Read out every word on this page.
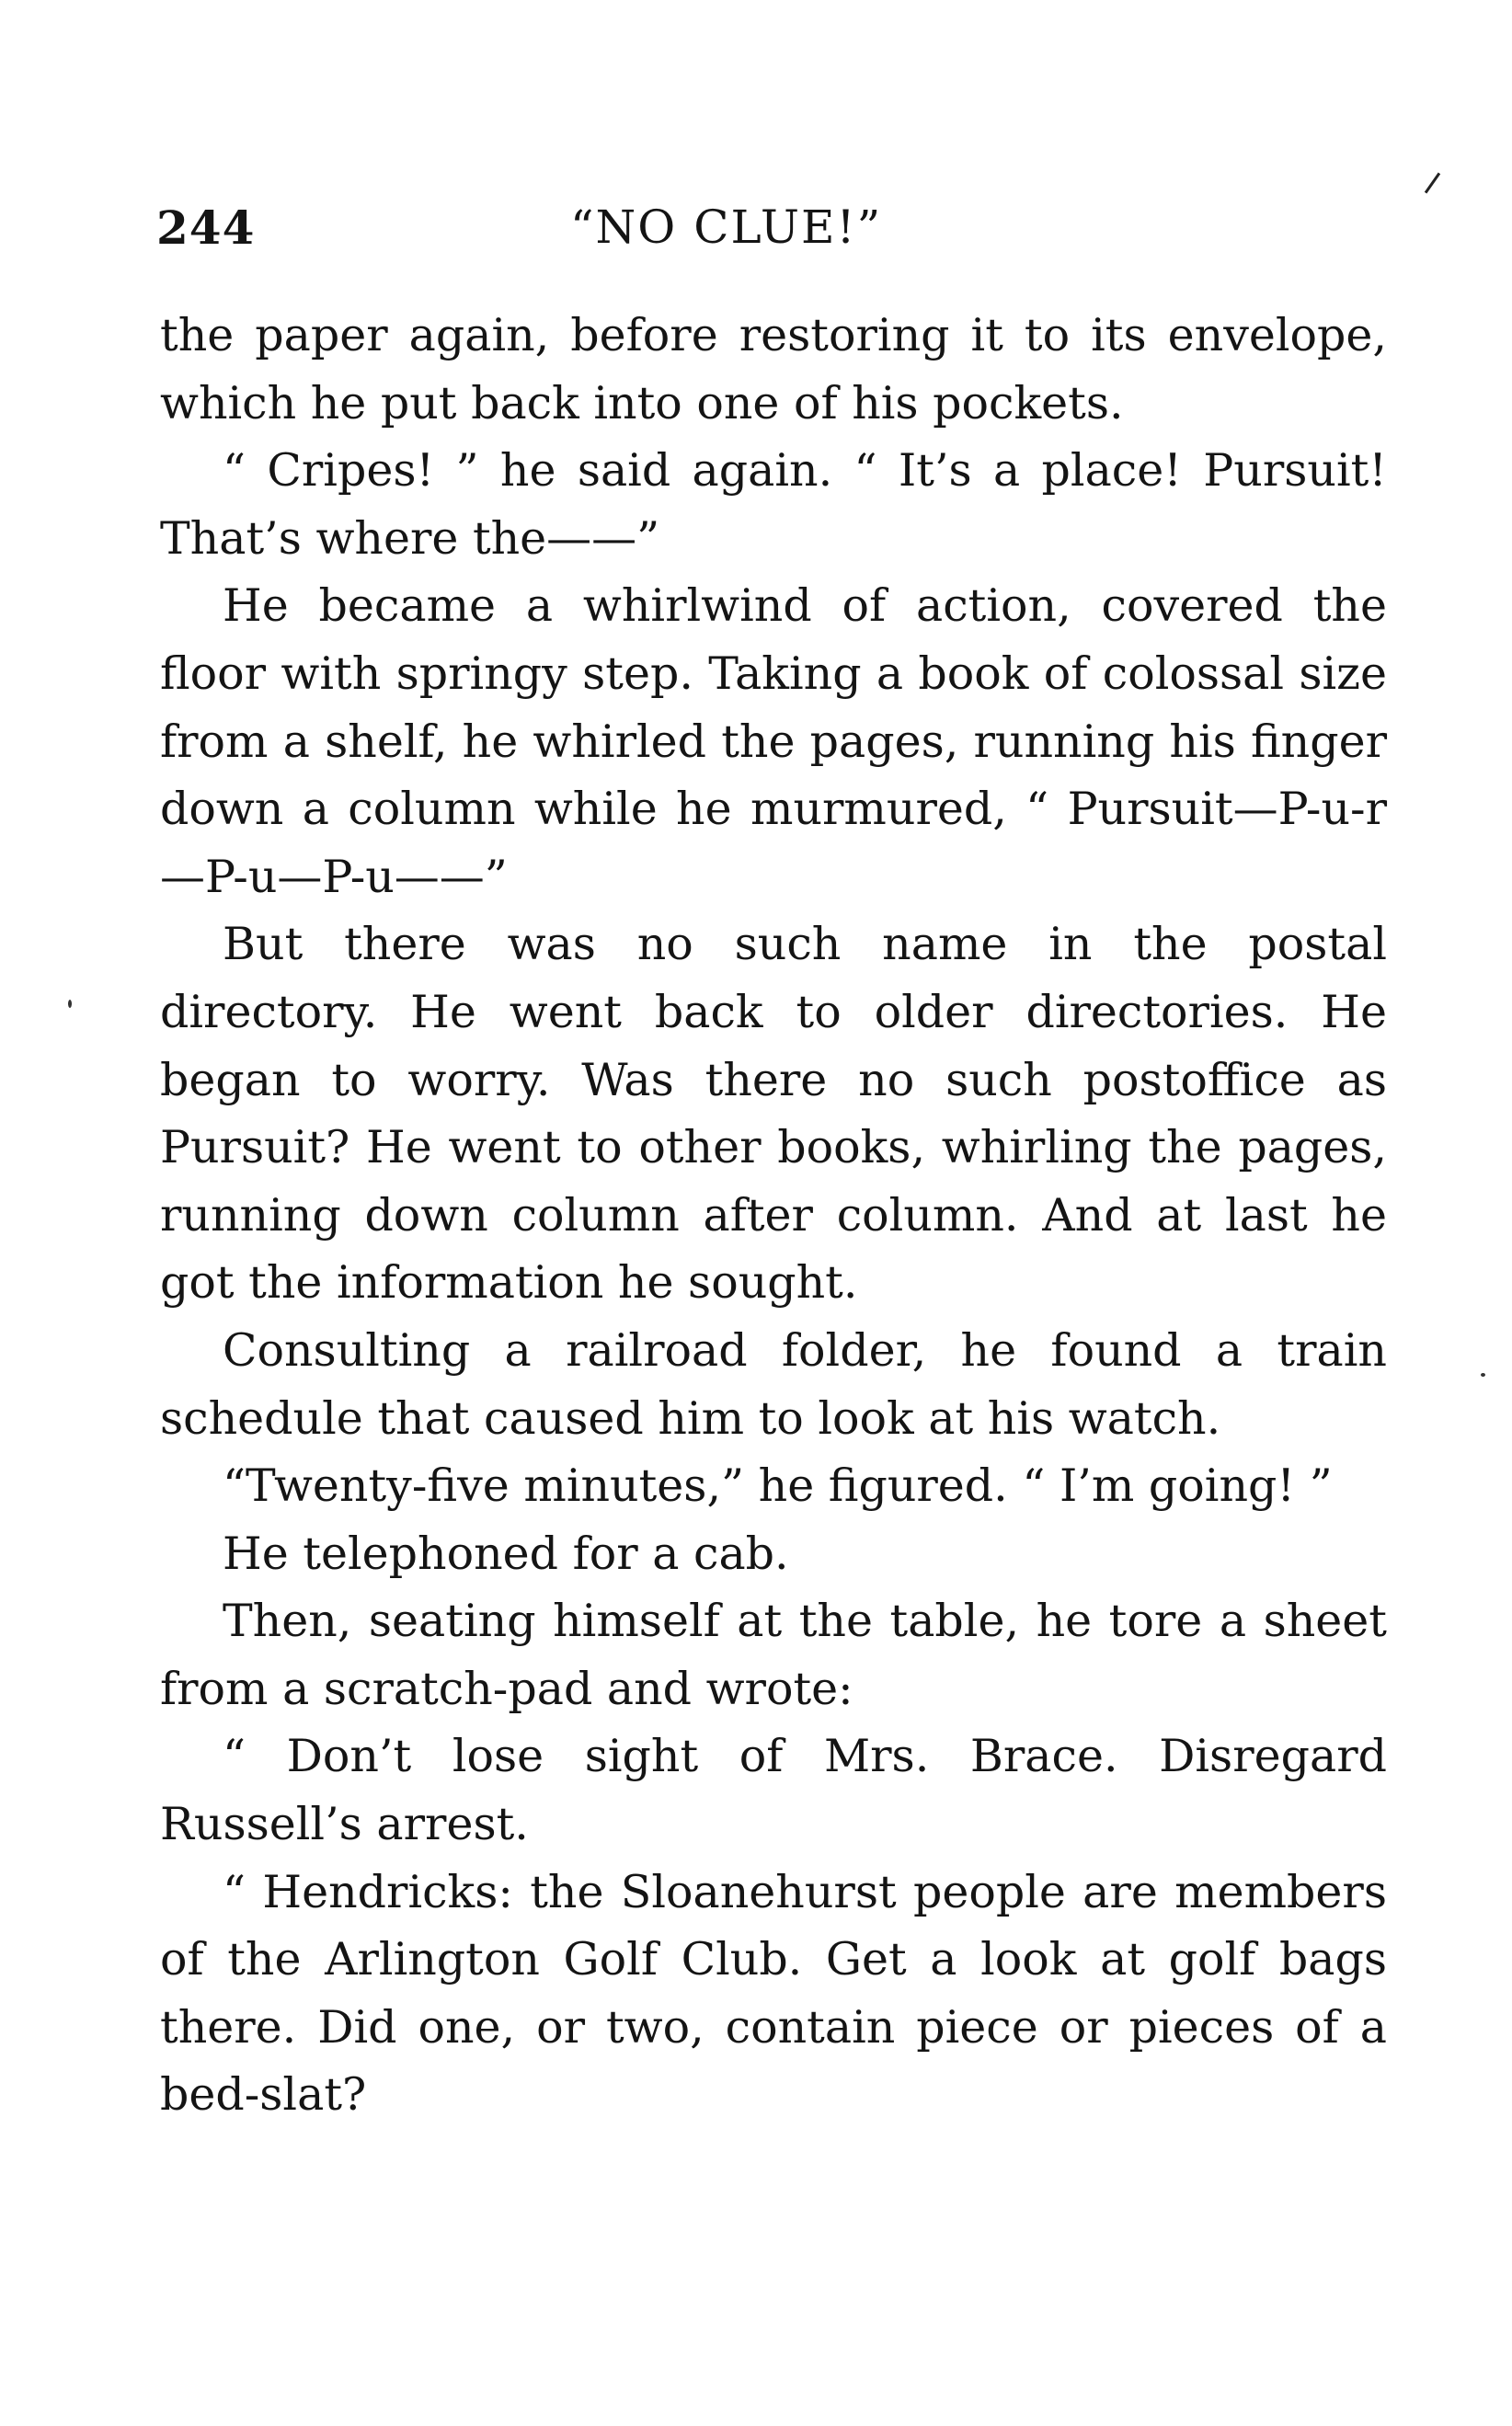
244	“NO CLUE!”

the paper again, before restoring it to its envelope, which he put back into one of his pockets.

“ Cripes! ” he said again. “ It’s a place! Pursuit! That’s where the——”

He became a whirlwind of action, covered the floor with springy step. Taking a book of colossal size from a shelf, he whirled the pages, running his finger down a column while he murmured, “ Pursuit—P-u-r—P-u—P-u——”

But there was no such name in the postal directory. He went back to older directories. He began to worry. Was there no such postoffice as Pursuit? He went to other books, whirling the pages, running down column after column. And at last he got the information he sought.

Consulting a railroad folder, he found a train schedule that caused him to look at his watch.

“Twenty-five minutes,” he figured. “ I’m going! ”

He telephoned for a cab.

Then, seating himself at the table, he tore a sheet from a scratch-pad and wrote:

“ Don’t lose sight of Mrs. Brace. Disregard Russell’s arrest.

“ Hendricks: the Sloanehurst people are members of the Arlington Golf Club. Get a look at golf bags there. Did one, or two, contain piece or pieces of a bed-slat?
